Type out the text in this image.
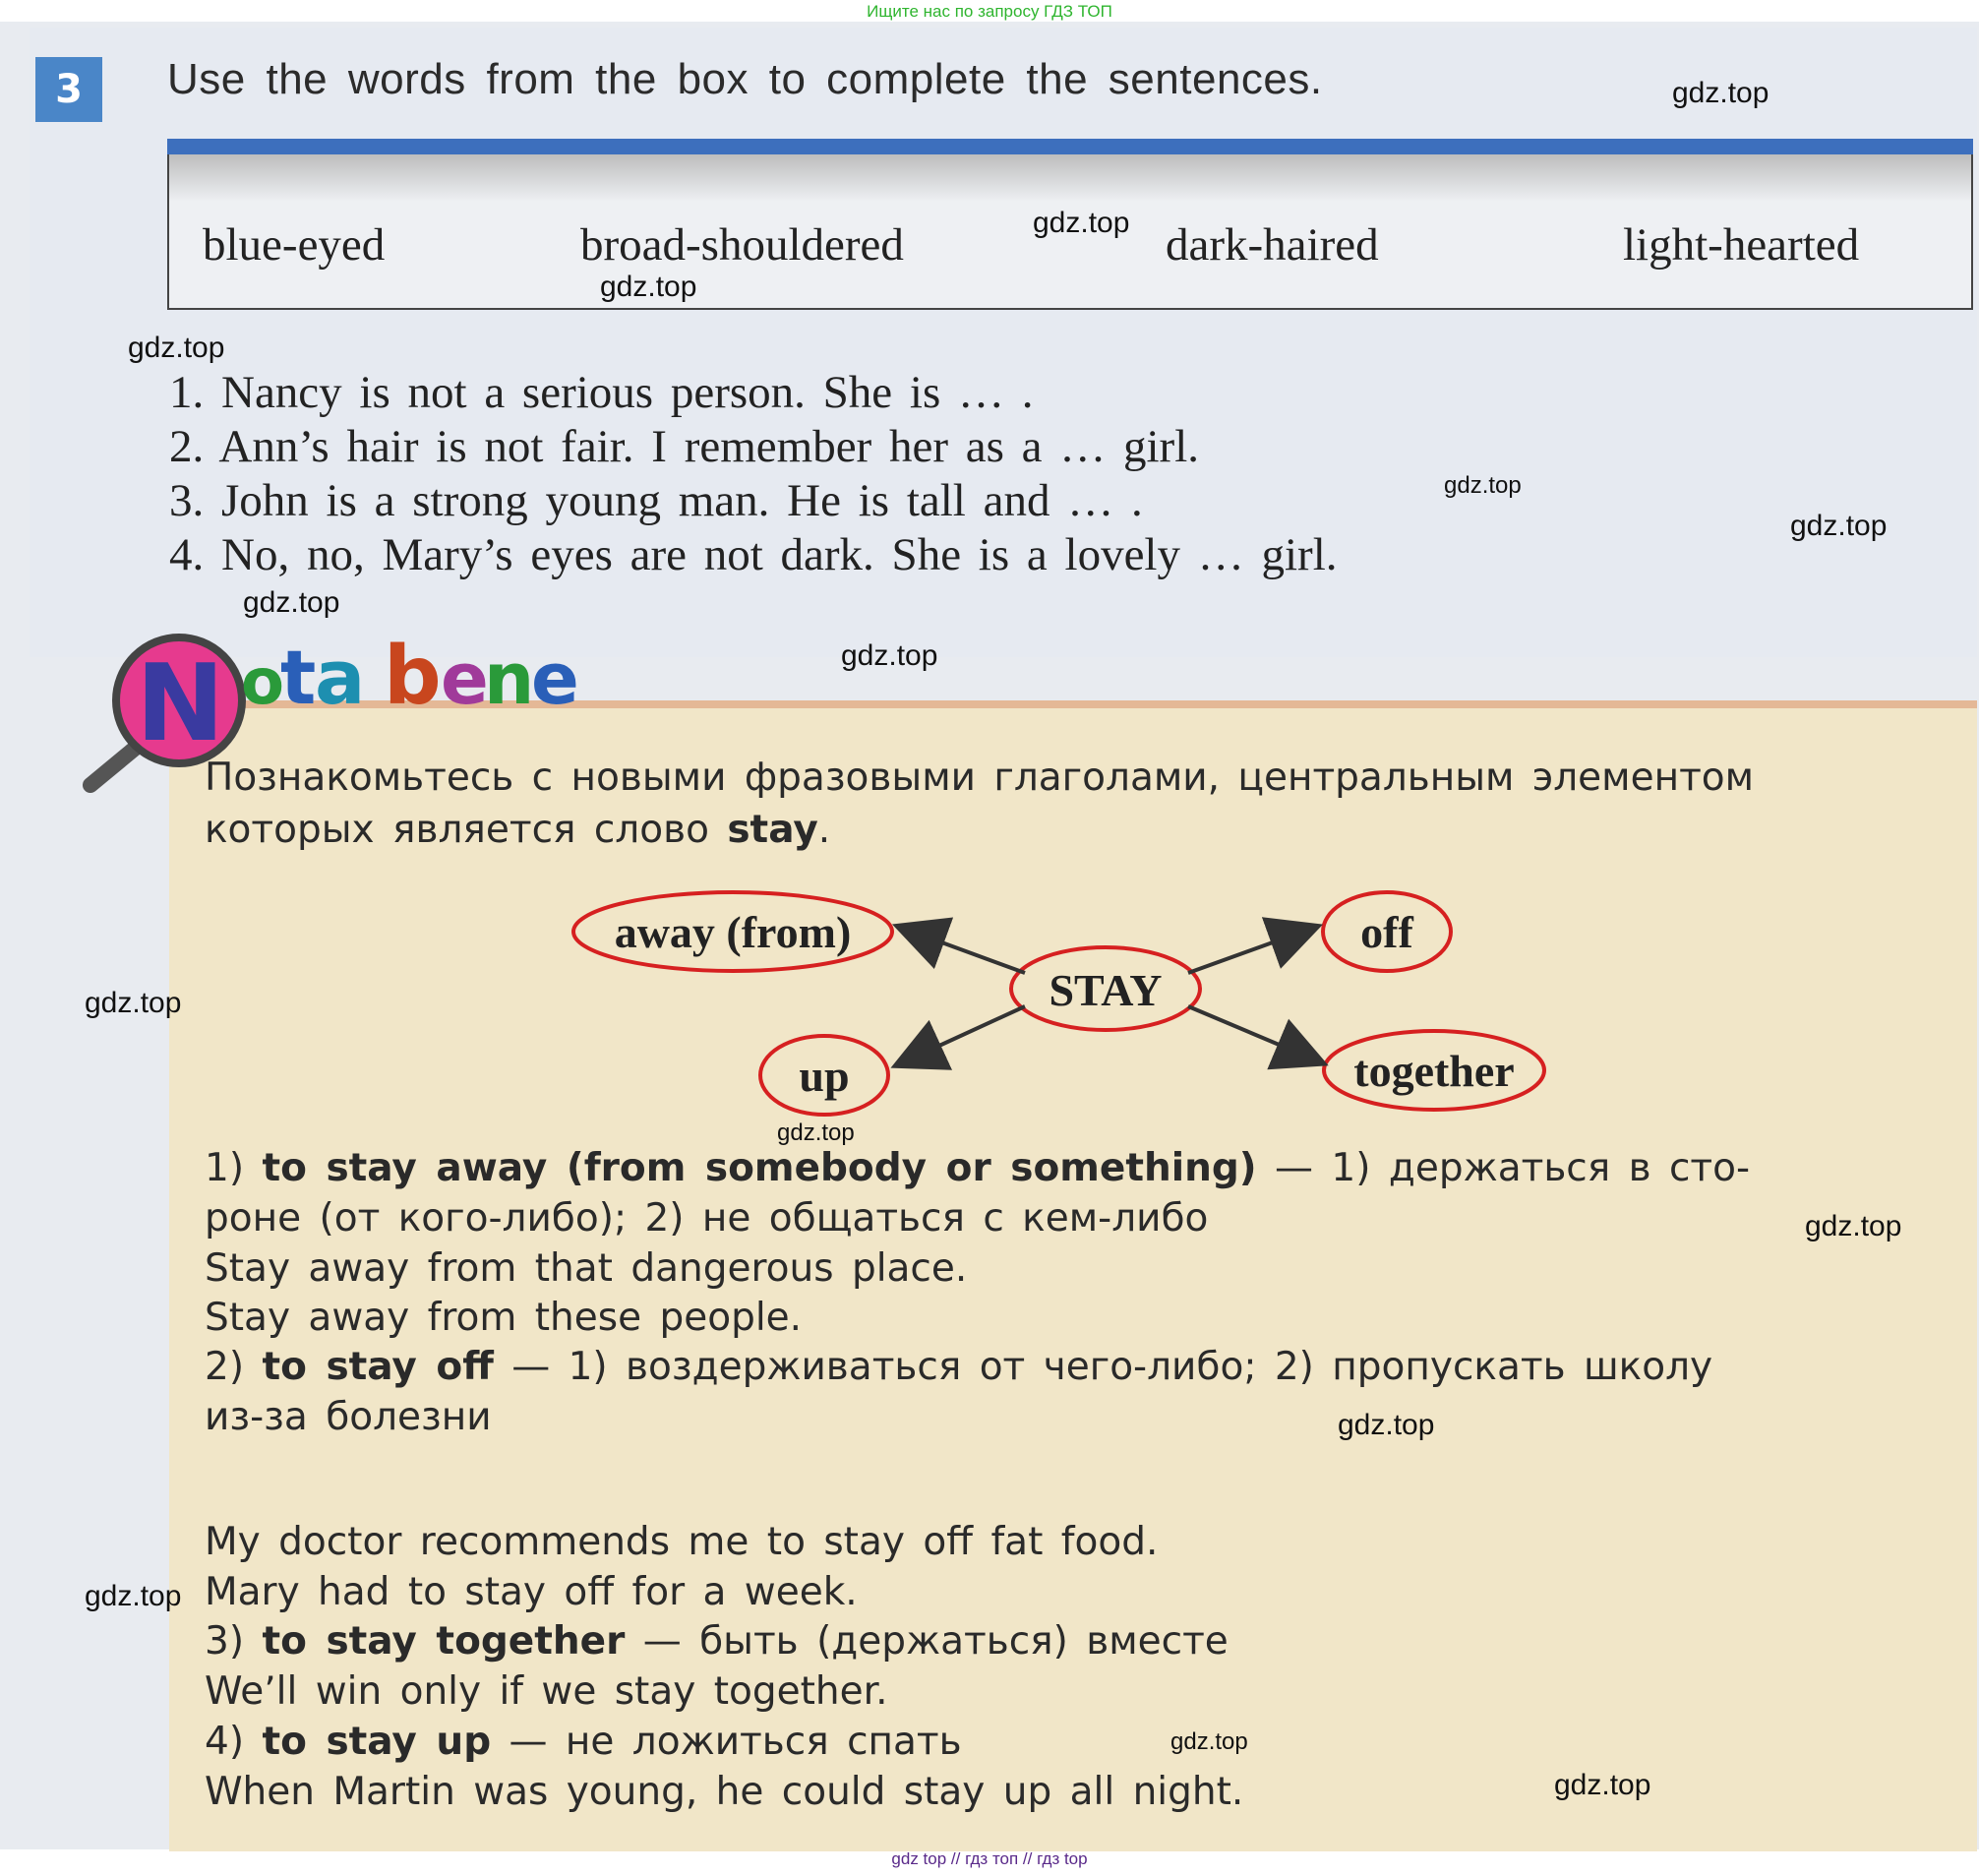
Ищите нас по запросу ГДЗ ТОП
3	Use the words from the box to complete the sentences.
blue-eyed	broad-shouldered	dark-haired	light-hearted
1. Nancy is not a serious person. She is … .
2. Ann’s hair is not fair. I remember her as a … girl.
3. John is a strong young man. He is tall and … .
4. No, no, Mary’s eyes are not dark. She is a lovely … girl.
N o
t
a b e
n
e
Познакомьтесь с новыми фразовыми глаголами, центральным элементом
которых является слово stay.
STAY
away (from)	off
up	together
1) to stay away (from somebody or something) — 1) держаться в сто-
роне (от кого-либо); 2) не общаться с кем-либо
Stay away from that dangerous place.
Stay away from these people.
2) to stay off — 1) воздерживаться от чего-либо; 2) пропускать школу
из-за болезни
My doctor recommends me to stay off fat food.
Mary had to stay off for a week.
3) to stay together — быть (держаться) вместе
We’ll win only if we stay together.
4) to stay up — не ложиться спать
When Martin was young, he could stay up all night.
gdz.top
gdz.top
gdz.top
gdz.top
gdz.top
gdz.top
gdz.top
gdz.top
gdz.top
gdz.top
gdz.top
gdz.top
gdz.top
gdz.top
gdz.top
gdz top // гдз топ // гдз top
